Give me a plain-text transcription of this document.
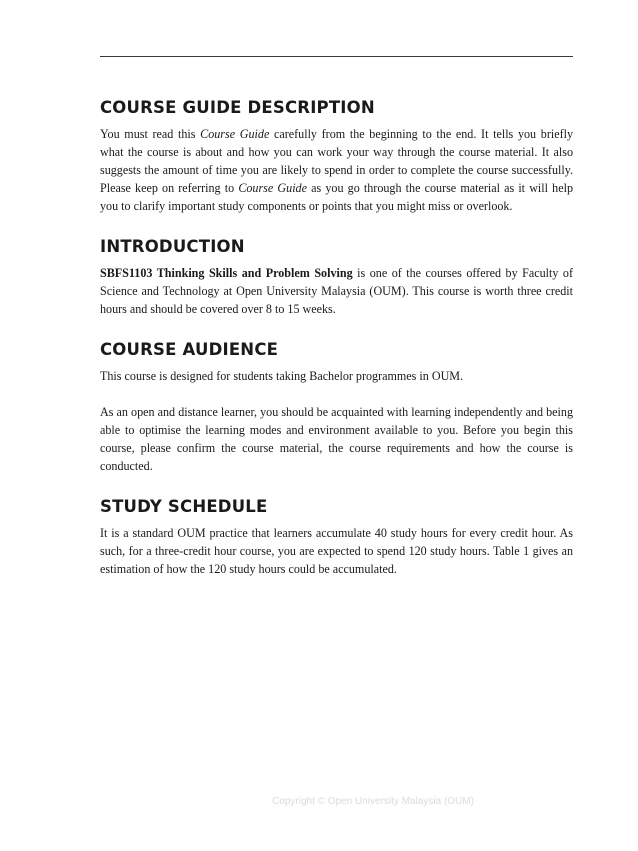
COURSE GUIDE DESCRIPTION

You must read this Course Guide carefully from the beginning to the end. It tells you briefly what the course is about and how you can work your way through the course material. It also suggests the amount of time you are likely to spend in order to complete the course successfully. Please keep on referring to Course Guide as you go through the course material as it will help you to clarify important study components or points that you might miss or overlook.

INTRODUCTION

SBFS1103 Thinking Skills and Problem Solving is one of the courses offered by Faculty of Science and Technology at Open University Malaysia (OUM). This course is worth three credit hours and should be covered over 8 to 15 weeks.

COURSE AUDIENCE

This course is designed for students taking Bachelor programmes in OUM.

As an open and distance learner, you should be acquainted with learning independently and being able to optimise the learning modes and environment available to you. Before you begin this course, please confirm the course material, the course requirements and how the course is conducted.

STUDY SCHEDULE

It is a standard OUM practice that learners accumulate 40 study hours for every credit hour. As such, for a three-credit hour course, you are expected to spend 120 study hours. Table 1 gives an estimation of how the 120 study hours could be accumulated.

Copyright © Open University Malaysia (OUM)
